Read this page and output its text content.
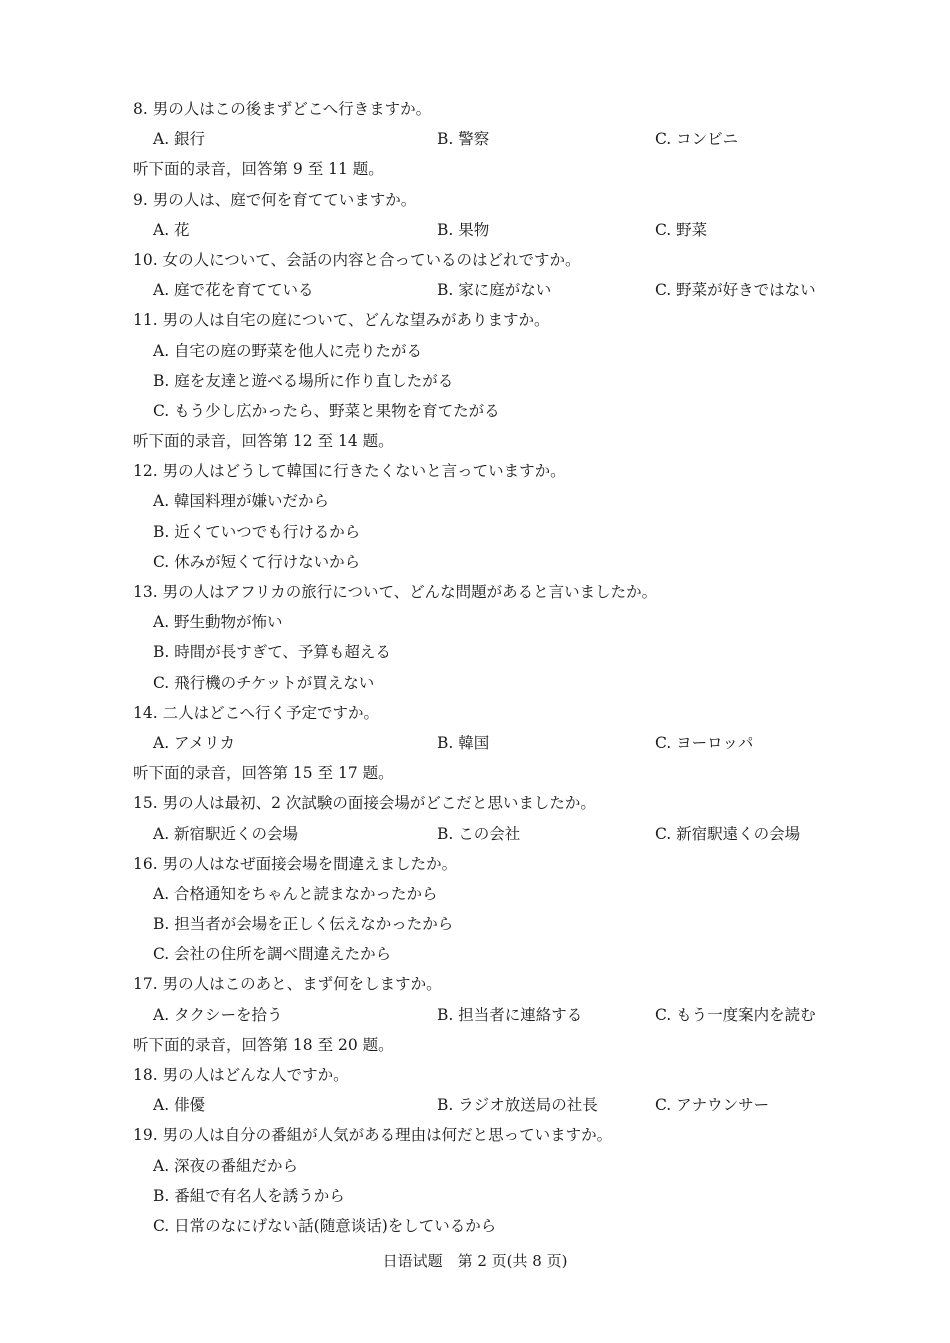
8. 男の人はこの後まずどこへ行きますか。
A. 銀行	B. 警察	C. コンビニ
听下面的录音，回答第 9 至 11 题。
9. 男の人は、庭で何を育てていますか。
A. 花	B. 果物	C. 野菜
10. 女の人について、会話の内容と合っているのはどれですか。
A. 庭で花を育てている	B. 家に庭がない	C. 野菜が好きではない
11. 男の人は自宅の庭について、どんな望みがありますか。
A. 自宅の庭の野菜を他人に売りたがる
B. 庭を友達と遊べる場所に作り直したがる
C. もう少し広かったら、野菜と果物を育てたがる
听下面的录音，回答第 12 至 14 题。
12. 男の人はどうして韓国に行きたくないと言っていますか。
A. 韓国料理が嫌いだから
B. 近くていつでも行けるから
C. 休みが短くて行けないから
13. 男の人はアフリカの旅行について、どんな問題があると言いましたか。
A. 野生動物が怖い
B. 時間が長すぎて、予算も超える
C. 飛行機のチケットが買えない
14. 二人はどこへ行く予定ですか。
A. アメリカ	B. 韓国	C. ヨーロッパ
听下面的录音，回答第 15 至 17 题。
15. 男の人は最初、2 次試験の面接会場がどこだと思いましたか。
A. 新宿駅近くの会場	B. この会社	C. 新宿駅遠くの会場
16. 男の人はなぜ面接会場を間違えましたか。
A. 合格通知をちゃんと読まなかったから
B. 担当者が会場を正しく伝えなかったから
C. 会社の住所を調べ間違えたから
17. 男の人はこのあと、まず何をしますか。
A. タクシーを拾う	B. 担当者に連絡する	C. もう一度案内を読む
听下面的录音，回答第 18 至 20 题。
18. 男の人はどんな人ですか。
A. 俳優	B. ラジオ放送局の社長	C. アナウンサー
19. 男の人は自分の番組が人気がある理由は何だと思っていますか。
A. 深夜の番組だから
B. 番組で有名人を誘うから
C. 日常のなにげない話(随意谈话)をしているから
日语试题　第 2 页(共 8 页)
